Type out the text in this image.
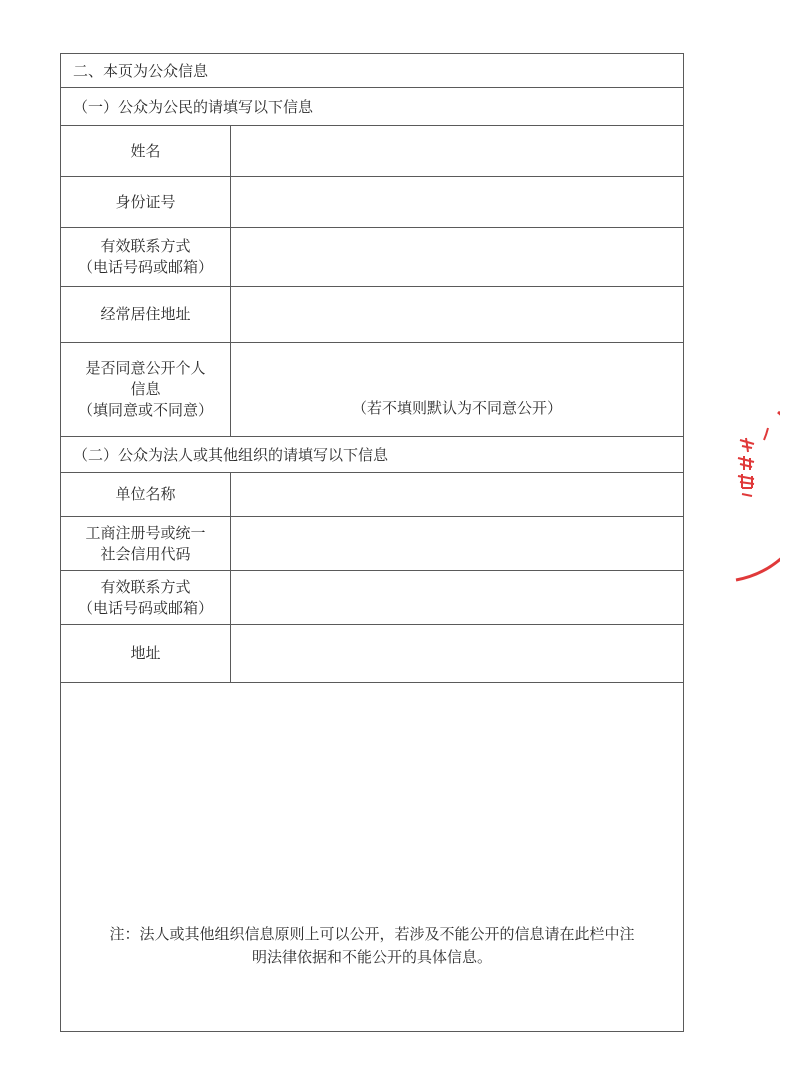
二、本页为公众信息
（一）公众为公民的请填写以下信息
姓名
身份证号
有效联系方式
（电话号码或邮箱）
经常居住地址
是否同意公开个人
信息
（填同意或不同意）	（若不填则默认为不同意公开）
（二）公众为法人或其他组织的请填写以下信息
单位名称
工商注册号或统一
社会信用代码
有效联系方式
（电话号码或邮箱）
地址
注：法人或其他组织信息原则上可以公开，若涉及不能公开的信息请在此栏中注
明法律依据和不能公开的具体信息。
